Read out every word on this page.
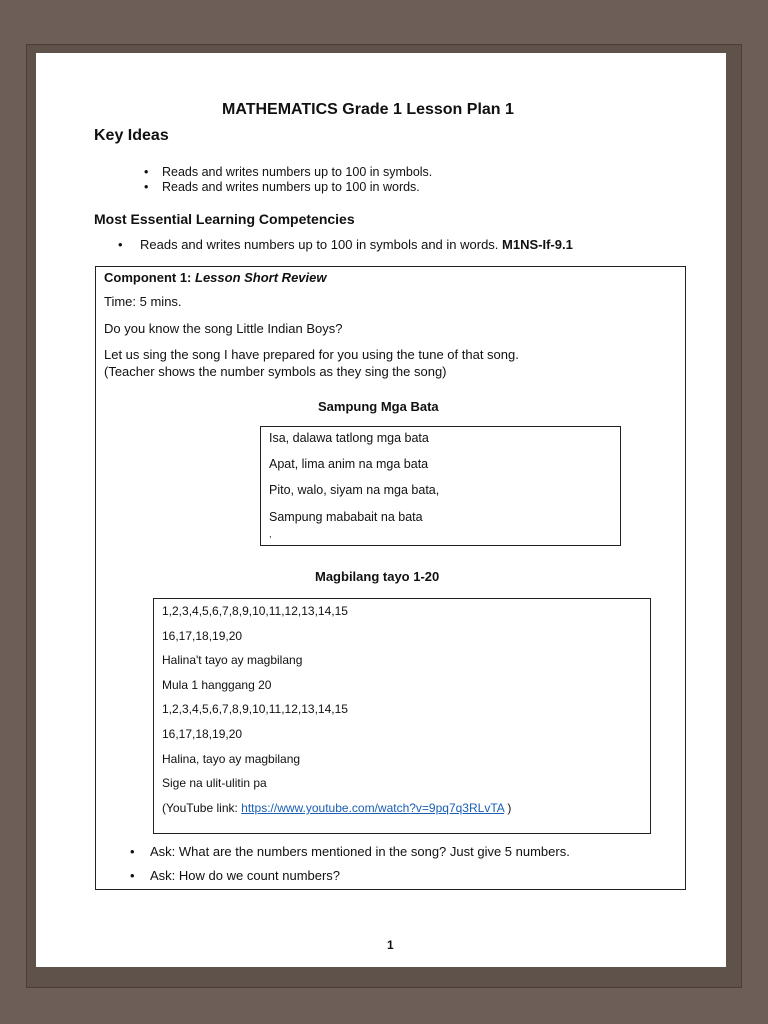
MATHEMATICS Grade 1 Lesson Plan 1
Key Ideas
• Reads and writes numbers up to 100 in symbols.
• Reads and writes numbers up to 100 in words.
Most Essential Learning Competencies
• Reads and writes numbers up to 100 in symbols and in words. M1NS-If-9.1
Component 1: Lesson Short Review
Time: 5 mins.
Do you know the song Little Indian Boys?
Let us sing the song I have prepared for you using the tune of that song.
(Teacher shows the number symbols as they sing the song)
Sampung Mga Bata
Isa, dalawa tatlong mga bata
Apat, lima anim na mga bata
Pito, walo, siyam na mga bata,
Sampung mababait na bata
,
Magbilang tayo 1-20
1,2,3,4,5,6,7,8,9,10,11,12,13,14,15
16,17,18,19,20
Halina't tayo ay magbilang
Mula 1 hanggang 20
1,2,3,4,5,6,7,8,9,10,11,12,13,14,15
16,17,18,19,20
Halina, tayo ay magbilang
Sige na ulit-ulitin pa
(YouTube link: https://www.youtube.com/watch?v=9pq7q3RLvTA )
• Ask: What are the numbers mentioned in the song? Just give 5 numbers.
• Ask: How do we count numbers?
1
